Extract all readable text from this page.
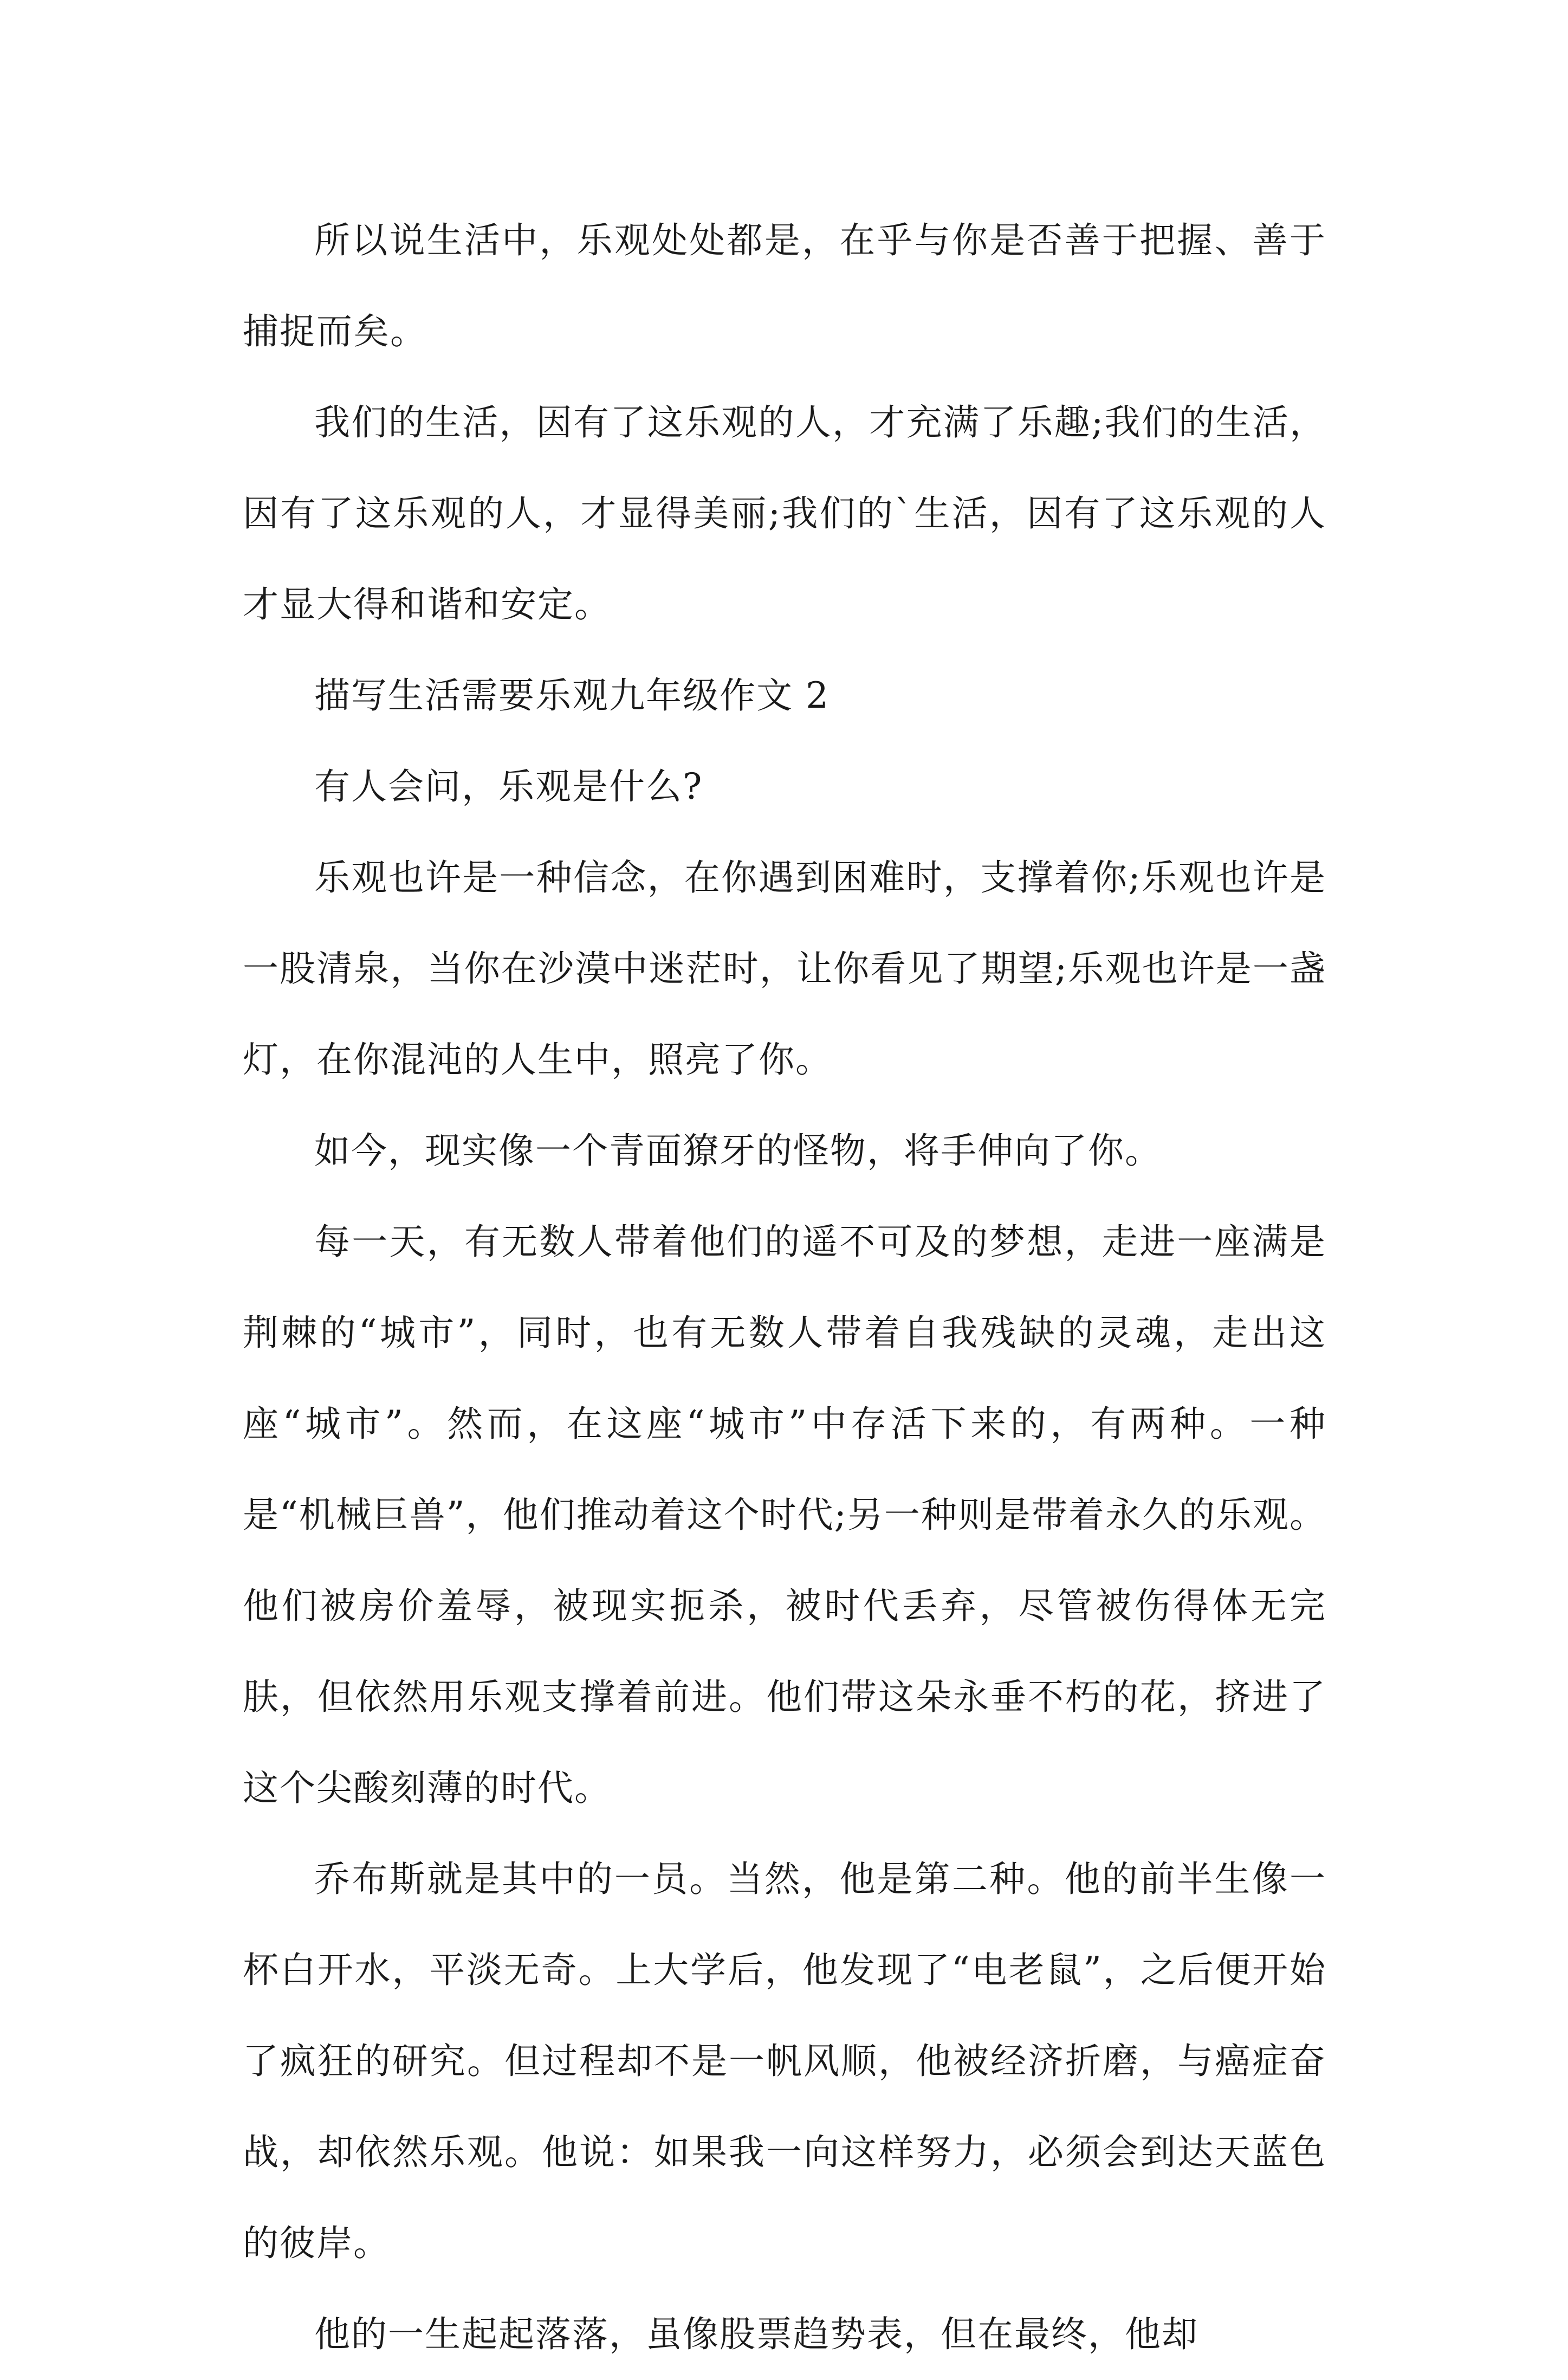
所以说生活中，乐观处处都是，在乎与你是否善于把握、善于捕捉而矣。

我们的生活，因有了这乐观的人，才充满了乐趣;我们的生活，因有了这乐观的人，才显得美丽;我们的`生活，因有了这乐观的人才显大得和谐和安定。

描写生活需要乐观九年级作文 2

有人会问，乐观是什么?

乐观也许是一种信念，在你遇到困难时，支撑着你;乐观也许是一股清泉，当你在沙漠中迷茫时，让你看见了期望;乐观也许是一盏灯，在你混沌的人生中，照亮了你。

如今，现实像一个青面獠牙的怪物，将手伸向了你。

每一天，有无数人带着他们的遥不可及的梦想，走进一座满是荆棘的“城市”，同时，也有无数人带着自我残缺的灵魂，走出这座“城市”。然而，在这座“城市”中存活下来的，有两种。一种是“机械巨兽”，他们推动着这个时代;另一种则是带着永久的乐观。他们被房价羞辱，被现实扼杀，被时代丢弃，尽管被伤得体无完肤，但依然用乐观支撑着前进。他们带这朵永垂不朽的花，挤进了这个尖酸刻薄的时代。

乔布斯就是其中的一员。当然，他是第二种。他的前半生像一杯白开水，平淡无奇。上大学后，他发现了“电老鼠”，之后便开始了疯狂的研究。但过程却不是一帆风顺，他被经济折磨，与癌症奋战，却依然乐观。他说：如果我一向这样努力，必须会到达天蓝色的彼岸。

他的一生起起落落，虽像股票趋势表，但在最终，他却
